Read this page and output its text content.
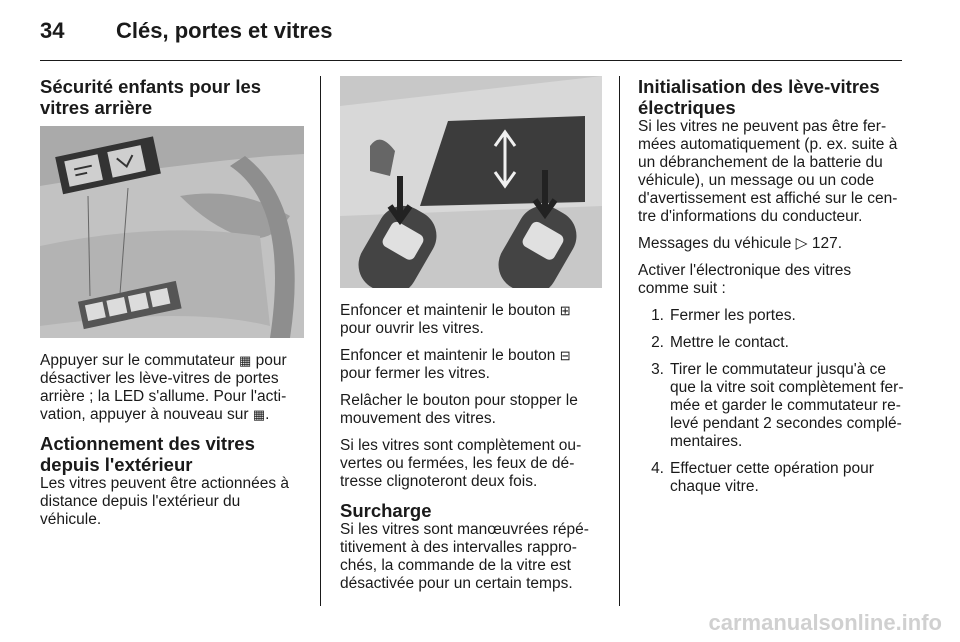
34	Clés, portes et vitres
Sécurité enfants pour les vitres arrière

Appuyer sur le commutateur ▦ pour désactiver les lève-vitres de portes arrière ; la LED s'allume. Pour l'activation, appuyer à nouveau sur ▦.

Actionnement des vitres depuis l'extérieur

Les vitres peuvent être actionnées à distance depuis l'extérieur du véhicule.

Enfoncer et maintenir le bouton ⊞ pour ouvrir les vitres.

Enfoncer et maintenir le bouton ⊟ pour fermer les vitres.

Relâcher le bouton pour stopper le mouvement des vitres.

Si les vitres sont complètement ouvertes ou fermées, les feux de détresse clignoteront deux fois.

Surcharge

Si les vitres sont manœuvrées répétitivement à des intervalles rapprochés, la commande de la vitre est désactivée pour un certain temps.

Initialisation des lève-vitres électriques

Si les vitres ne peuvent pas être fermées automatiquement (p. ex. suite à un débranchement de la batterie du véhicule), un message ou un code d'avertissement est affiché sur le centre d'informations du conducteur.

Messages du véhicule ▷ 127.

Activer l'électronique des vitres comme suit :

1. Fermer les portes.
2. Mettre le contact.
3. Tirer le commutateur jusqu'à ce que la vitre soit complètement fermée et garder le commutateur relevé pendant 2 secondes complémentaires.
4. Effectuer cette opération pour chaque vitre.
carmanualsonline.info
